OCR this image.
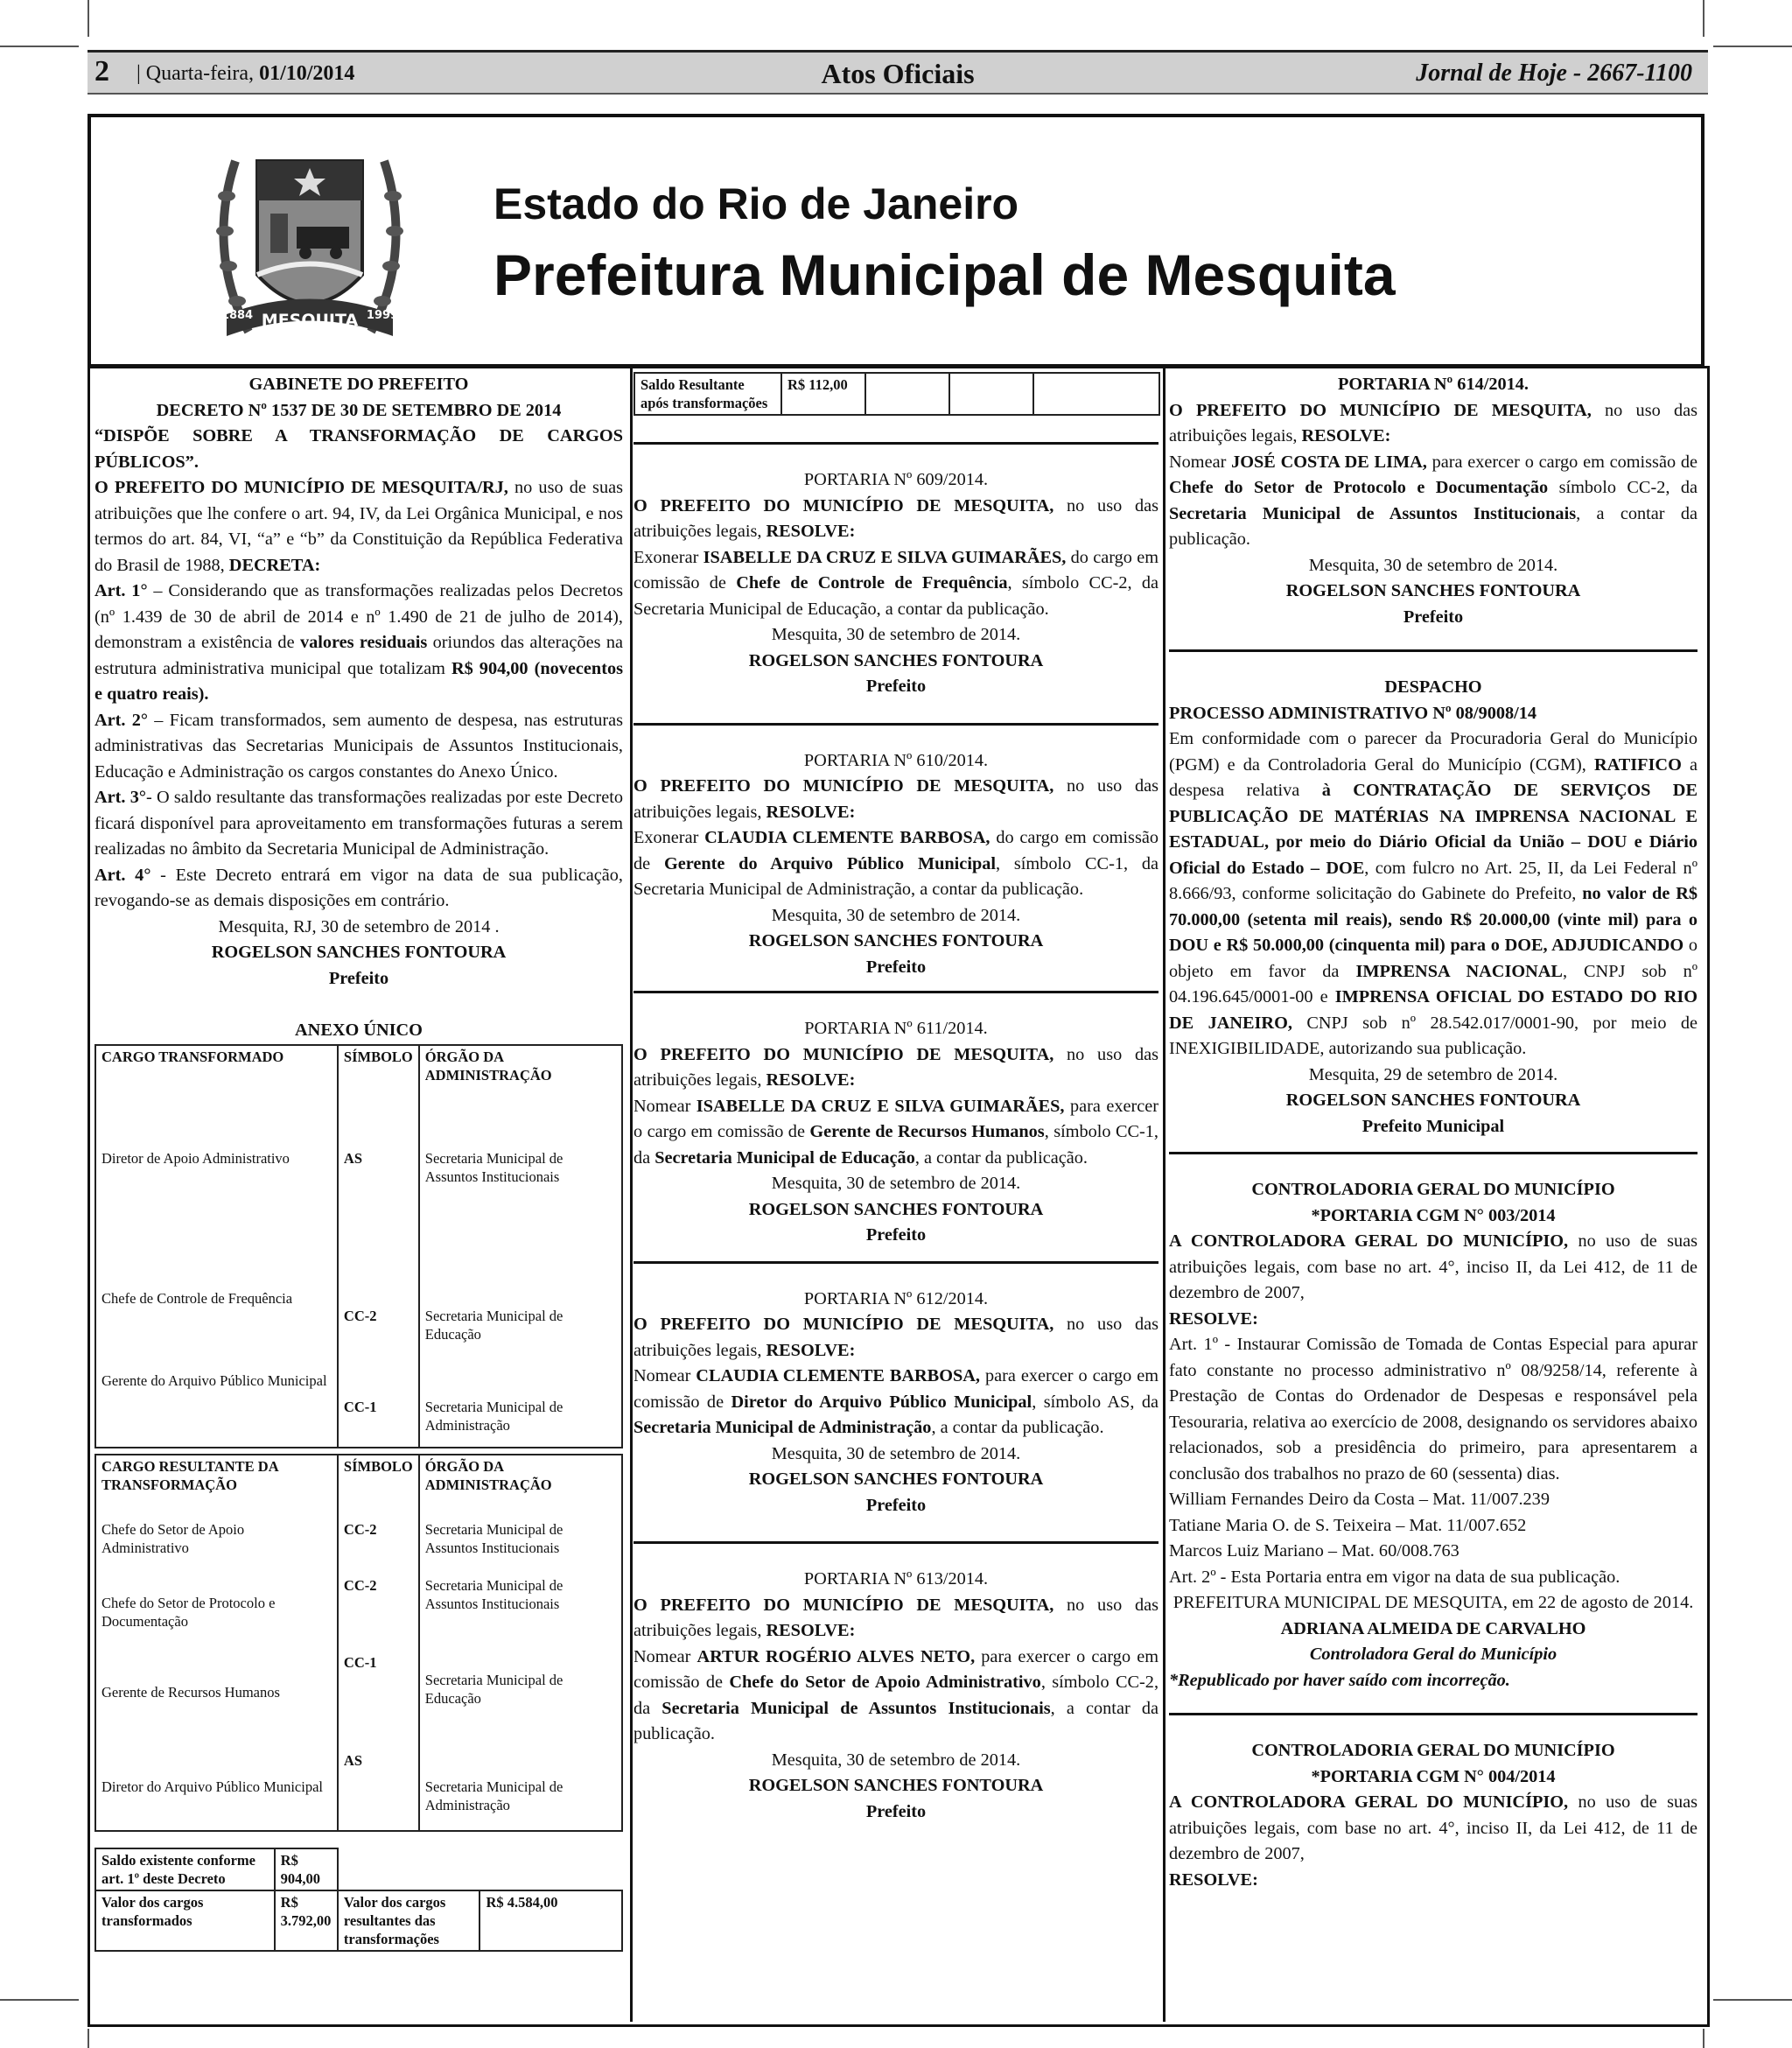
2 | Quarta-feira, 01/10/2014	Atos Oficiais	Jornal de Hoje - 2667-1100
MESQUITA
1884	1999
Estado do Rio de Janeiro
Prefeitura Municipal de Mesquita

GABINETE DO PREFEITO

DECRETO Nº 1537 DE 30 DE SETEMBRO DE 2014

“DISPÕE SOBRE A TRANSFORMAÇÃO DE CARGOS PÚBLICOS”.

O PREFEITO DO MUNICÍPIO DE MESQUITA/RJ, no uso de suas atribuições que lhe confere o art. 94, IV, da Lei Orgânica Municipal, e nos termos do art. 84, VI, “a” e “b” da Constituição da República Federativa do Brasil de 1988, DECRETA:

Art. 1° – Considerando que as transformações realizadas pelos Decretos (nº 1.439 de 30 de abril de 2014 e nº 1.490 de 21 de julho de 2014), demonstram a existência de valores residuais oriundos das alterações na estrutura administrativa municipal que totalizam R$ 904,00 (novecentos e quatro reais).

Art. 2° – Ficam transformados, sem aumento de despesa, nas estruturas administrativas das Secretarias Municipais de Assuntos Institucionais, Educação e Administração os cargos constantes do Anexo Único.

Art. 3°- O saldo resultante das transformações realizadas por este Decreto ficará disponível para aproveitamento em transformações futuras a serem realizadas no âmbito da Secretaria Municipal de Administração.

Art. 4° - Este Decreto entrará em vigor na data de sua publicação, revogando-se as demais disposições em contrário.

Mesquita, RJ, 30 de setembro de 2014 .

ROGELSON SANCHES FONTOURA

Prefeito

ANEXO ÚNICO

CARGO TRANSFORMADO	SÍMBOLO	ÓRGÃO DA ADMINISTRAÇÃO
Diretor de Apoio Administrativo	AS	Secretaria Municipal de Assuntos Institucionais
Chefe de Controle de Frequência	CC-2	Secretaria Municipal de Educação
Gerente do Arquivo Público Municipal	CC-1	Secretaria Municipal de Administração
CARGO RESULTANTE DA TRANSFORMAÇÃO	SÍMBOLO	ÓRGÃO DA ADMINISTRAÇÃO
Chefe do Setor de Apoio Administrativo	CC-2	Secretaria Municipal de Assuntos Institucionais
Chefe do Setor de Protocolo e Documentação	CC-2	Secretaria Municipal de Assuntos Institucionais
Gerente de Recursos Humanos	CC-1	Secretaria Municipal de Educação
Diretor do Arquivo Público Municipal	AS	Secretaria Municipal de Administração
Saldo existente conforme art. 1º deste Decreto	R$ 904,00		
Valor dos cargos transformados	R$ 3.792,00	Valor dos cargos resultantes das transformações	R$ 4.584,00
Saldo Resultante após transformações	R$ 112,00			

PORTARIA Nº 609/2014.

O PREFEITO DO MUNICÍPIO DE MESQUITA, no uso das atribuições legais, RESOLVE:
Exonerar ISABELLE DA CRUZ E SILVA GUIMARÃES, do cargo em comissão de Chefe de Controle de Frequência, símbolo CC-2, da Secretaria Municipal de Educação, a contar da publicação.

Mesquita, 30 de setembro de 2014.

ROGELSON SANCHES FONTOURA

Prefeito

PORTARIA Nº 610/2014.

O PREFEITO DO MUNICÍPIO DE MESQUITA, no uso das atribuições legais, RESOLVE:
Exonerar CLAUDIA CLEMENTE BARBOSA, do cargo em comissão de Gerente do Arquivo Público Municipal, símbolo CC-1, da Secretaria Municipal de Administração, a contar da publicação.

Mesquita, 30 de setembro de 2014.

ROGELSON SANCHES FONTOURA

Prefeito

PORTARIA Nº 611/2014.

O PREFEITO DO MUNICÍPIO DE MESQUITA, no uso das atribuições legais, RESOLVE:
Nomear ISABELLE DA CRUZ E SILVA GUIMARÃES, para exercer o cargo em comissão de Gerente de Recursos Humanos, símbolo CC-1, da Secretaria Municipal de Educação, a contar da publicação.

Mesquita, 30 de setembro de 2014.

ROGELSON SANCHES FONTOURA

Prefeito

PORTARIA Nº 612/2014.

O PREFEITO DO MUNICÍPIO DE MESQUITA, no uso das atribuições legais, RESOLVE:
Nomear CLAUDIA CLEMENTE BARBOSA, para exercer o cargo em comissão de Diretor do Arquivo Público Municipal, símbolo AS, da Secretaria Municipal de Administração, a contar da publicação.

Mesquita, 30 de setembro de 2014.

ROGELSON SANCHES FONTOURA

Prefeito

PORTARIA Nº 613/2014.

O PREFEITO DO MUNICÍPIO DE MESQUITA, no uso das atribuições legais, RESOLVE:
Nomear ARTUR ROGÉRIO ALVES NETO, para exercer o cargo em comissão de Chefe do Setor de Apoio Administrativo, símbolo CC-2, da Secretaria Municipal de Assuntos Institucionais, a contar da publicação.

Mesquita, 30 de setembro de 2014.

ROGELSON SANCHES FONTOURA

Prefeito

PORTARIA Nº 614/2014.

O PREFEITO DO MUNICÍPIO DE MESQUITA, no uso das atribuições legais, RESOLVE:
Nomear JOSÉ COSTA DE LIMA, para exercer o cargo em comissão de Chefe do Setor de Protocolo e Documentação símbolo CC-2, da Secretaria Municipal de Assuntos Institucionais, a contar da publicação.

Mesquita, 30 de setembro de 2014.

ROGELSON SANCHES FONTOURA

Prefeito

DESPACHO

PROCESSO ADMINISTRATIVO Nº 08/9008/14

Em conformidade com o parecer da Procuradoria Geral do Município (PGM) e da Controladoria Geral do Município (CGM), RATIFICO a despesa relativa à CONTRATAÇÃO DE SERVIÇOS DE PUBLICAÇÃO DE MATÉRIAS NA IMPRENSA NACIONAL E ESTADUAL, por meio do Diário Oficial da União – DOU e Diário Oficial do Estado – DOE, com fulcro no Art. 25, II, da Lei Federal nº 8.666/93, conforme solicitação do Gabinete do Prefeito, no valor de R$ 70.000,00 (setenta mil reais), sendo R$ 20.000,00 (vinte mil) para o DOU e R$ 50.000,00 (cinquenta mil) para o DOE, ADJUDICANDO o objeto em favor da IMPRENSA NACIONAL, CNPJ sob nº 04.196.645/0001-00 e IMPRENSA OFICIAL DO ESTADO DO RIO DE JANEIRO, CNPJ sob nº 28.542.017/0001-90, por meio de INEXIGIBILIDADE, autorizando sua publicação.

Mesquita, 29 de setembro de 2014.

ROGELSON SANCHES FONTOURA

Prefeito Municipal

CONTROLADORIA GERAL DO MUNICÍPIO

*PORTARIA CGM N° 003/2014

A CONTROLADORA GERAL DO MUNICÍPIO, no uso de suas atribuições legais, com base no art. 4°, inciso II, da Lei 412, de 11 de dezembro de 2007,

RESOLVE:

Art. 1º - Instaurar Comissão de Tomada de Contas Especial para apurar fato constante no processo administrativo nº 08/9258/14, referente à Prestação de Contas do Ordenador de Despesas e responsável pela Tesouraria, relativa ao exercício de 2008, designando os servidores abaixo relacionados, sob a presidência do primeiro, para apresentarem a conclusão dos trabalhos no prazo de 60 (sessenta) dias.

William Fernandes Deiro da Costa – Mat. 11/007.239

Tatiane Maria O. de S. Teixeira – Mat. 11/007.652

Marcos Luiz Mariano – Mat. 60/008.763

Art. 2º - Esta Portaria entra em vigor na data de sua publicação.

PREFEITURA MUNICIPAL DE MESQUITA, em 22 de agosto de 2014.

ADRIANA ALMEIDA DE CARVALHO

Controladora Geral do Município

*Republicado por haver saído com incorreção.

CONTROLADORIA GERAL DO MUNICÍPIO

*PORTARIA CGM N° 004/2014

A CONTROLADORA GERAL DO MUNICÍPIO, no uso de suas atribuições legais, com base no art. 4°, inciso II, da Lei 412, de 11 de dezembro de 2007,

RESOLVE:
